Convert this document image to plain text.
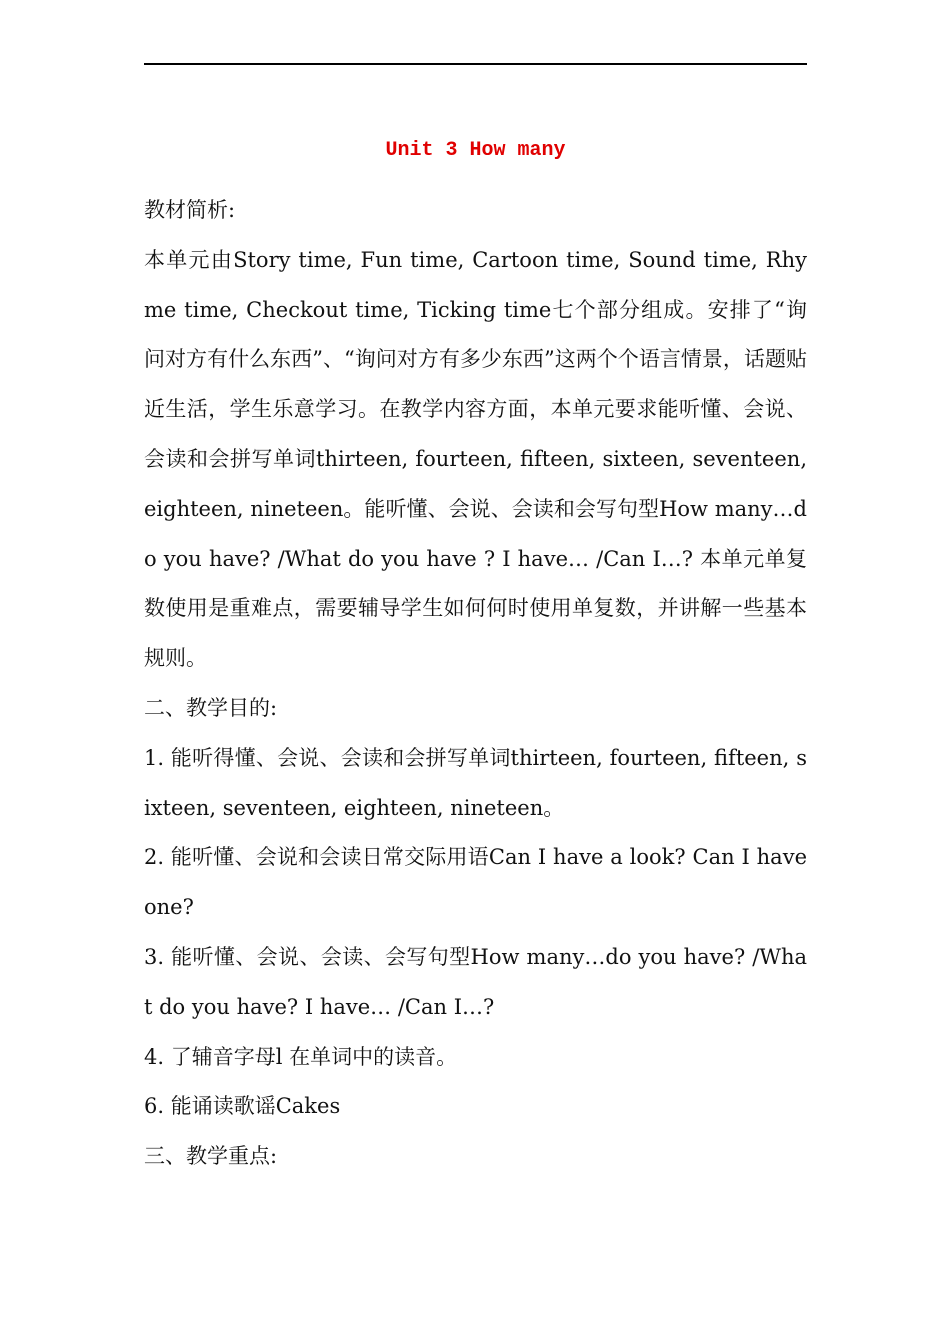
Unit 3 How many

教材简析:

本单元由Story time, Fun time, Cartoon time, Sound time, Rhyme time, Checkout time, Ticking time七个部分组成。安排了“询问对方有什么东西”、“询问对方有多少东西”这两个个语言情景，话题贴近生活，学生乐意学习。在教学内容方面，本单元要求能听懂、会说、会读和会拼写单词thirteen, fourteen, fifteen, sixteen, seventeen, eighteen, nineteen。能听懂、会说、会读和会写句型How many…do you have? /What do you have ? I have… /Can I…? 本单元单复数使用是重难点，需要辅导学生如何何时使用单复数，并讲解一些基本规则。

二、教学目的:

1. 能听得懂、会说、会读和会拼写单词thirteen, fourteen, fifteen, sixteen, seventeen, eighteen, nineteen。

2. 能听懂、会说和会读日常交际用语Can I have a look? Can I have one?

3. 能听懂、会说、会读、会写句型How many…do you have? /What do you have? I have… /Can I…?

4. 了辅音字母l 在单词中的读音。

6. 能诵读歌谣Cakes

三、教学重点:
